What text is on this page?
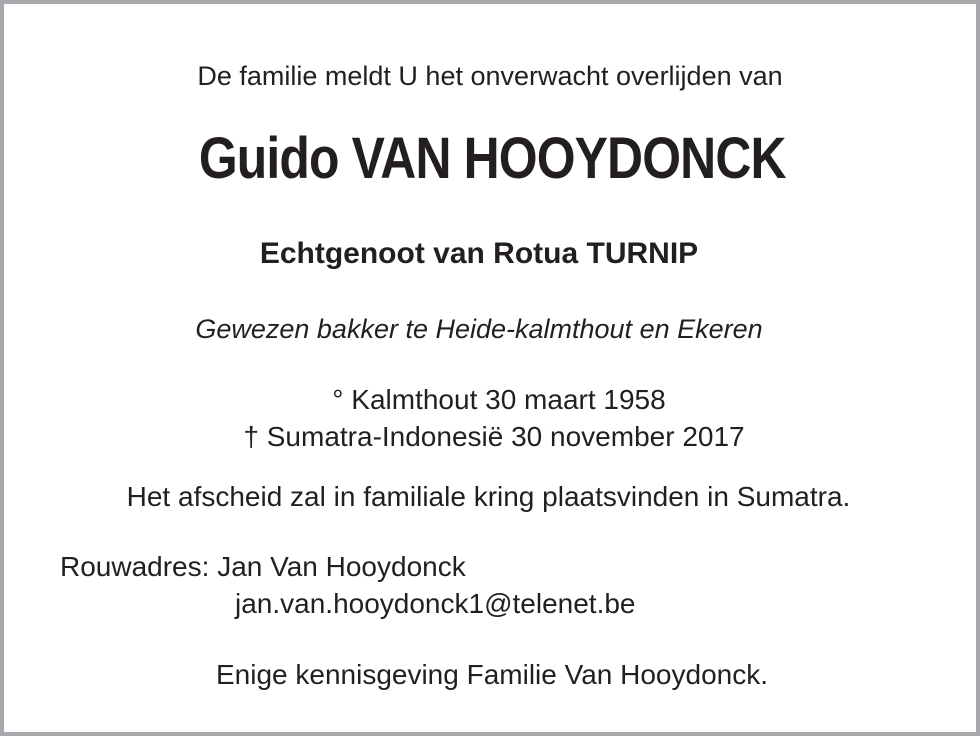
De familie meldt U het onverwacht overlijden van
Guido VAN HOOYDONCK
Echtgenoot van Rotua TURNIP
Gewezen bakker te Heide-kalmthout en Ekeren
° Kalmthout 30 maart 1958
† Sumatra-Indonesië 30 november 2017
Het afscheid zal in familiale kring plaatsvinden in Sumatra.
Rouwadres: Jan Van Hooydonck
jan.van.hooydonck1@telenet.be
Enige kennisgeving Familie Van Hooydonck.
